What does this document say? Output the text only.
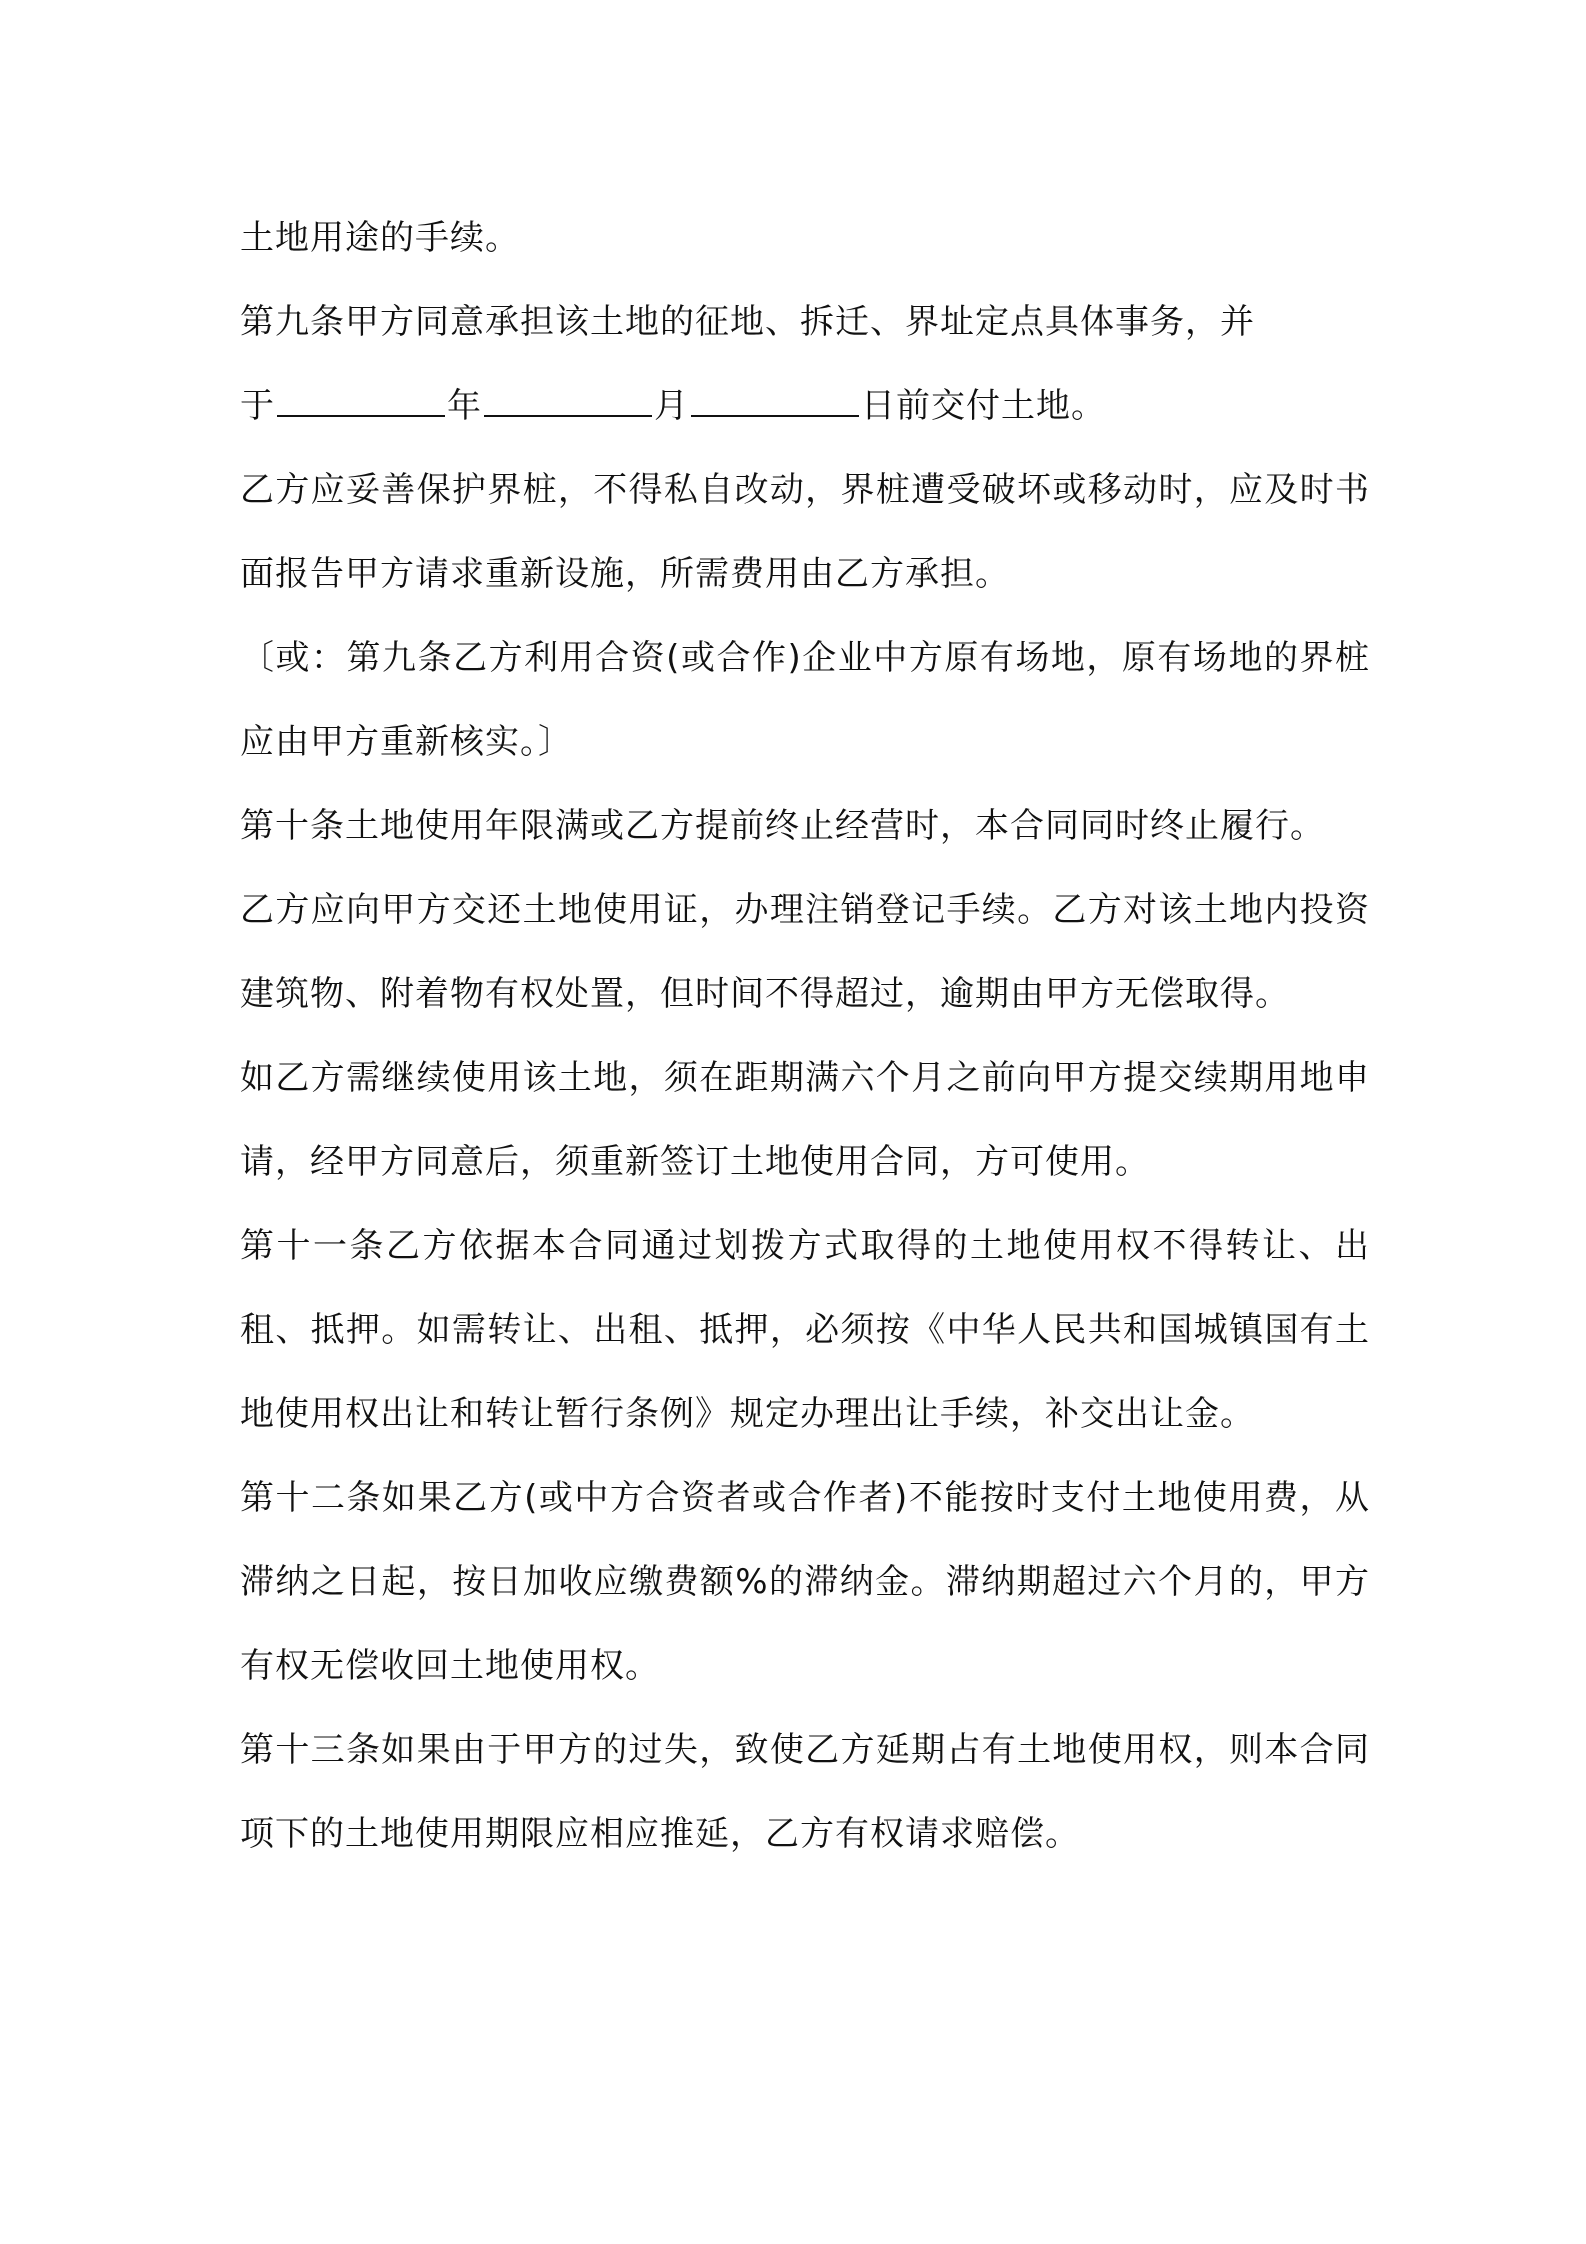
土地用途的手续。

第九条甲方同意承担该土地的征地、拆迁、界址定点具体事务，并

于	年	月	日前交付土地。

乙方应妥善保护界桩，不得私自改动，界桩遭受破坏或移动时，应及时书面报告甲方请求重新设施，所需费用由乙方承担。

〔或：第九条乙方利用合资(或合作)企业中方原有场地，原有场地的界桩应由甲方重新核实。〕

第十条土地使用年限满或乙方提前终止经营时，本合同同时终止履行。

乙方应向甲方交还土地使用证，办理注销登记手续。乙方对该土地内投资建筑物、附着物有权处置，但时间不得超过，逾期由甲方无偿取得。

如乙方需继续使用该土地，须在距期满六个月之前向甲方提交续期用地申请，经甲方同意后，须重新签订土地使用合同，方可使用。

第十一条乙方依据本合同通过划拨方式取得的土地使用权不得转让、出租、抵押。如需转让、出租、抵押，必须按《中华人民共和国城镇国有土地使用权出让和转让暂行条例》规定办理出让手续，补交出让金。

第十二条如果乙方(或中方合资者或合作者)不能按时支付土地使用费，从滞纳之日起，按日加收应缴费额%的滞纳金。滞纳期超过六个月的，甲方有权无偿收回土地使用权。

第十三条如果由于甲方的过失，致使乙方延期占有土地使用权，则本合同项下的土地使用期限应相应推延，乙方有权请求赔偿。
